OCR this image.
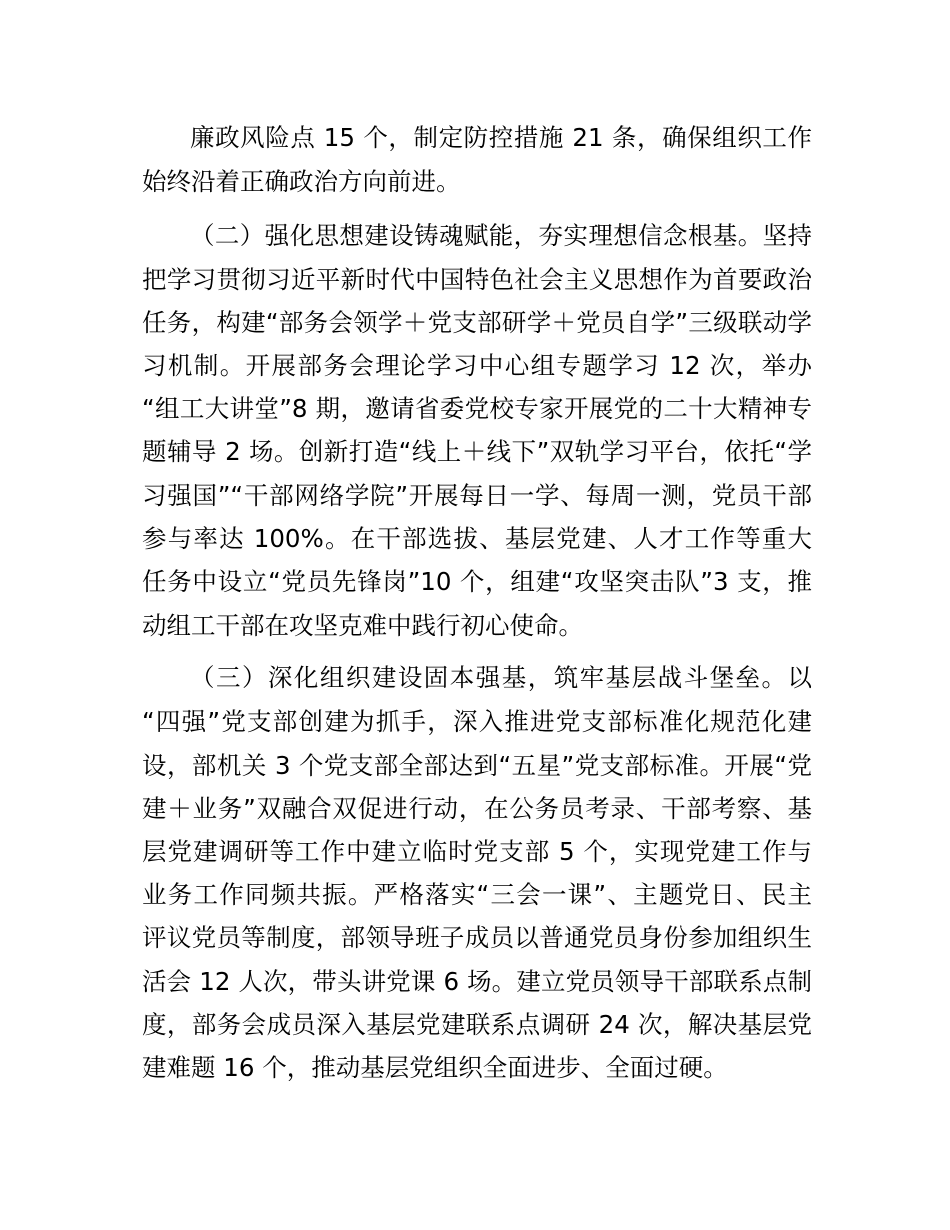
廉政风险点 15 个，制定防控措施 21 条，确保组织工作
始终沿着正确政治方向前进。
（二）强化思想建设铸魂赋能，夯实理想信念根基。坚持
把学习贯彻习近平新时代中国特色社会主义思想作为首要政治
任务，构建“部务会领学＋党支部研学＋党员自学”三级联动学
习机制。开展部务会理论学习中心组专题学习 12 次，举办
“组工大讲堂”8 期，邀请省委党校专家开展党的二十大精神专
题辅导 2 场。创新打造“线上＋线下”双轨学习平台，依托“学
习强国”“干部网络学院”开展每日一学、每周一测，党员干部
参与率达 100%。在干部选拔、基层党建、人才工作等重大
任务中设立“党员先锋岗”10 个，组建“攻坚突击队”3 支，推
动组工干部在攻坚克难中践行初心使命。
（三）深化组织建设固本强基，筑牢基层战斗堡垒。以
“四强”党支部创建为抓手，深入推进党支部标准化规范化建
设，部机关 3 个党支部全部达到“五星”党支部标准。开展“党
建＋业务”双融合双促进行动，在公务员考录、干部考察、基
层党建调研等工作中建立临时党支部 5 个，实现党建工作与
业务工作同频共振。严格落实“三会一课”、主题党日、民主
评议党员等制度，部领导班子成员以普通党员身份参加组织生
活会 12 人次，带头讲党课 6 场。建立党员领导干部联系点制
度，部务会成员深入基层党建联系点调研 24 次，解决基层党
建难题 16 个，推动基层党组织全面进步、全面过硬。
